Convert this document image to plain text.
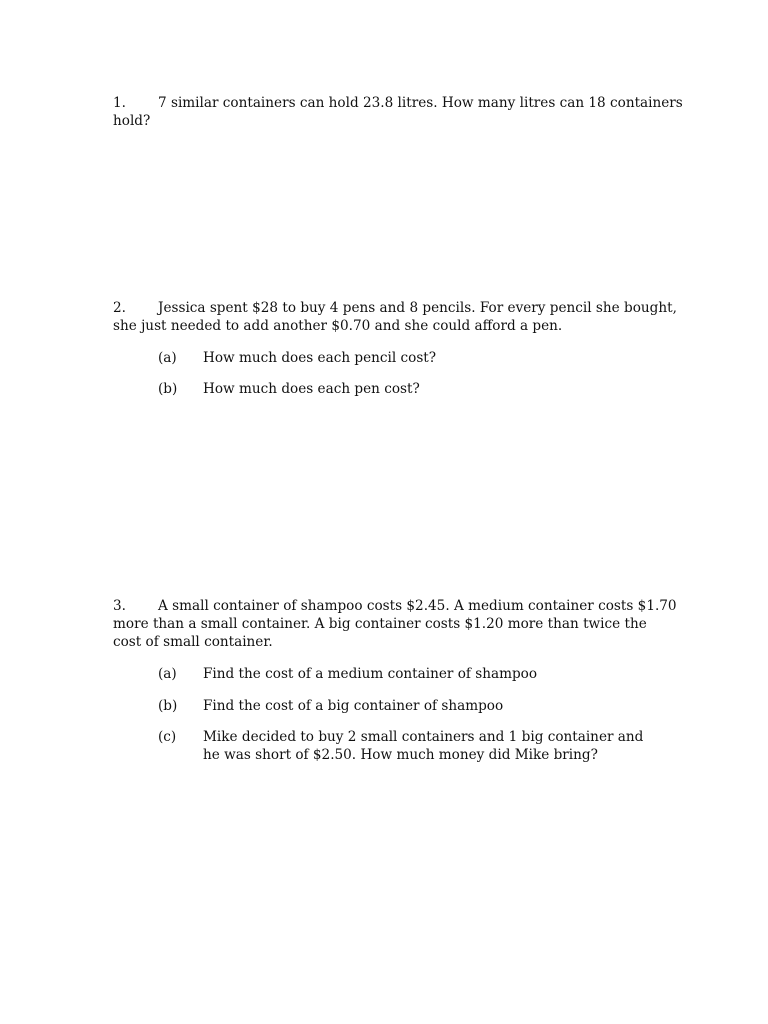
1. 7 similar containers can hold 23.8 litres. How many litres can 18 containers
hold?
2. Jessica spent $28 to buy 4 pens and 8 pencils. For every pencil she bought,
she just needed to add another $0.70 and she could afford a pen.
(a) How much does each pencil cost?
(b) How much does each pen cost?
3. A small container of shampoo costs $2.45. A medium container costs $1.70
more than a small container. A big container costs $1.20 more than twice the cost of small container.
(a) Find the cost of a medium container of shampoo
(b) Find the cost of a big container of shampoo
(c) Mike decided to buy 2 small containers and 1 big container and he was short of $2.50. How much money did Mike bring?
